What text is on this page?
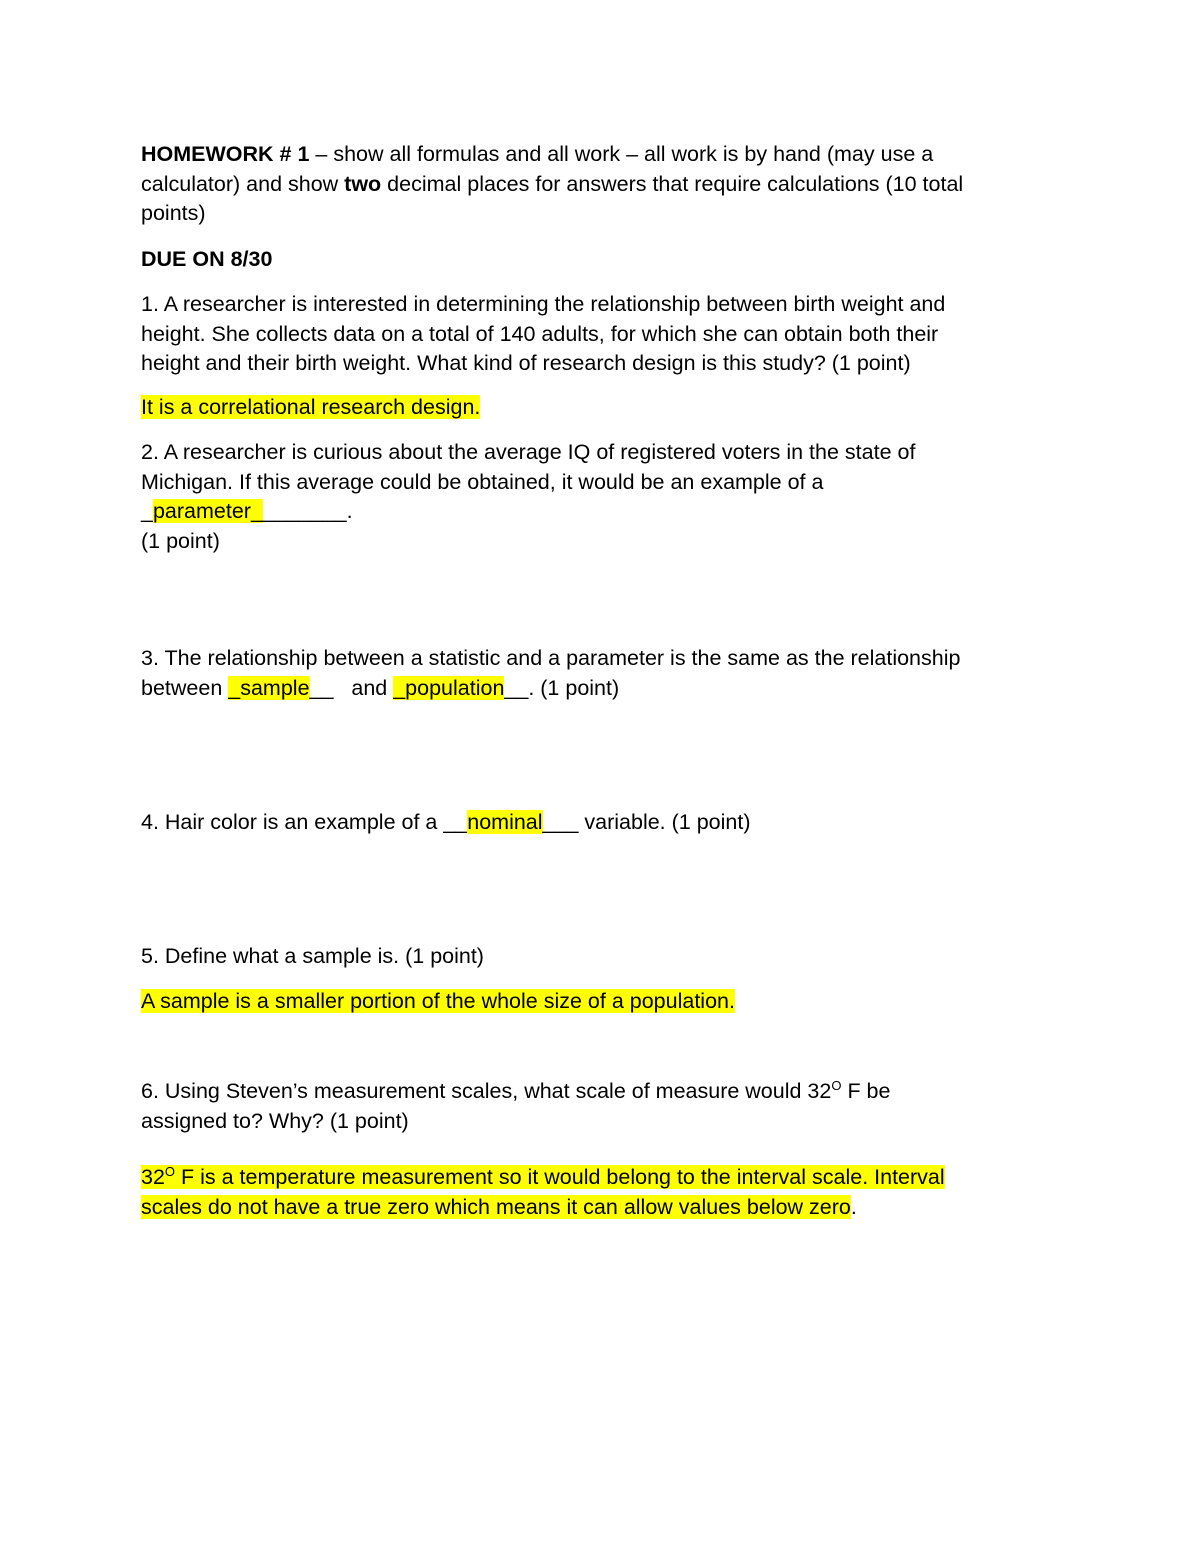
HOMEWORK # 1 – show all formulas and all work – all work is by hand (may use a
calculator) and show two decimal places for answers that require calculations (10 total
points)
DUE ON 8/30
1. A researcher is interested in determining the relationship between birth weight and
height. She collects data on a total of 140 adults, for which she can obtain both their
height and their birth weight. What kind of research design is this study? (1 point)
It is a correlational research design.
2. A researcher is curious about the average IQ of registered voters in the state of
Michigan. If this average could be obtained, it would be an example of a
_parameter________.
(1 point)
3. The relationship between a statistic and a parameter is the same as the relationship
between _sample__   and _population__. (1 point)
4. Hair color is an example of a __nominal___ variable. (1 point)
5. Define what a sample is. (1 point)
A sample is a smaller portion of the whole size of a population.
6. Using Steven’s measurement scales, what scale of measure would $32^O$ F be
assigned to? Why? (1 point)
$32^O$ F is a temperature measurement so it would belong to the interval scale. Interval
scales do not have a true zero which means it can allow values below zero.
